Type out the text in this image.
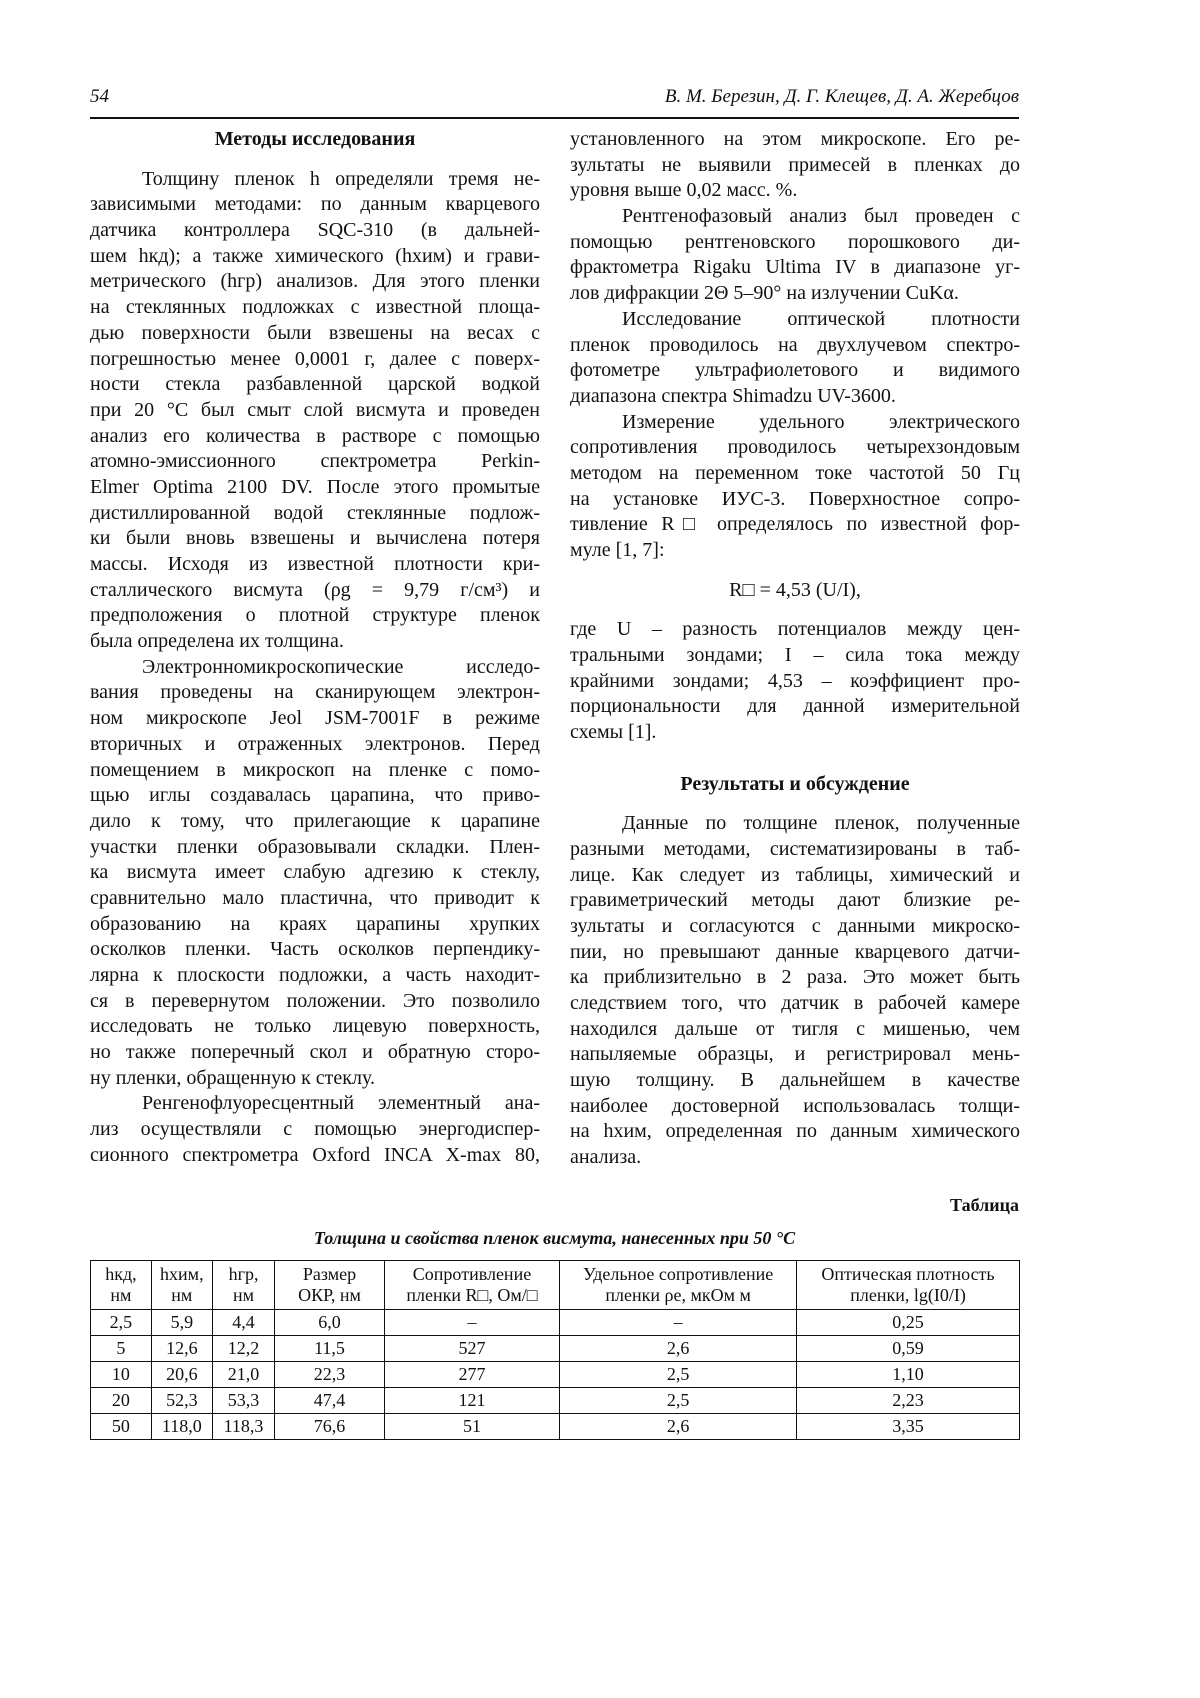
54	В. М. Березин, Д. Г. Клещев, Д. А. Жеребцов
Методы исследования
Толщину пленок h определяли тремя не-
зависимыми методами: по данным кварцевого
датчика контроллера SQC-310 (в дальней-
шем hкд); а также химического (hхим) и грави-
метрического (hгр) анализов. Для этого пленки
на стеклянных подложках с известной площа-
дью поверхности были взвешены на весах с
погрешностью менее 0,0001 г, далее с поверх-
ности стекла разбавленной царской водкой
при 20 °С был смыт слой висмута и проведен
анализ его количества в растворе с помощью
атомно-эмиссионного спектрометра Perkin-
Elmer Optima 2100 DV. После этого промытые
дистиллированной водой стеклянные подлож-
ки были вновь взвешены и вычислена потеря
массы. Исходя из известной плотности кри-
сталлического висмута (ρg = 9,79 г/см³) и
предположения о плотной структуре пленок
была определена их толщина.
Электронномикроскопические исследо-
вания проведены на сканирующем электрон-
ном микроскопе Jeol JSM-7001F в режиме
вторичных и отраженных электронов. Перед
помещением в микроскоп на пленке с помо-
щью иглы создавалась царапина, что приво-
дило к тому, что прилегающие к царапине
участки пленки образовывали складки. Плен-
ка висмута имеет слабую адгезию к стеклу,
сравнительно мало пластична, что приводит к
образованию на краях царапины хрупких
осколков пленки. Часть осколков перпендику-
лярна к плоскости подложки, а часть находит-
ся в перевернутом положении. Это позволило
исследовать не только лицевую поверхность,
но также поперечный скол и обратную сторо-
ну пленки, обращенную к стеклу.
Ренгенофлуоресцентный элементный ана-
лиз осуществляли с помощью энергодиспер-
сионного спектрометра Oxford INCA X-max 80,
установленного на этом микроскопе. Его ре-
зультаты не выявили примесей в пленках до
уровня выше 0,02 масс. %.
Рентгенофазовый анализ был проведен с
помощью рентгеновского порошкового ди-
фрактометра Rigaku Ultima IV в диапазоне уг-
лов дифракции 2Θ 5–90° на излучении CuKα.
Исследование оптической плотности
пленок проводилось на двухлучевом спектро-
фотометре ультрафиолетового и видимого
диапазона спектра Shimadzu UV-3600.
Измерение удельного электрического
сопротивления проводилось четырехзондовым
методом на переменном токе частотой 50 Гц
на установке ИУС-3. Поверхностное сопро-
тивление R□ определялось по известной фор-
муле [1, 7]:
R□ = 4,53 (U/I),
где U – разность потенциалов между цен-
тральными зондами; I – сила тока между
крайними зондами; 4,53 – коэффициент про-
порциональности для данной измерительной
схемы [1].
Результаты и обсуждение
Данные по толщине пленок, полученные
разными методами, систематизированы в таб-
лице. Как следует из таблицы, химический и
гравиметрический методы дают близкие ре-
зультаты и согласуются с данными микроско-
пии, но превышают данные кварцевого датчи-
ка приблизительно в 2 раза. Это может быть
следствием того, что датчик в рабочей камере
находился дальше от тигля с мишенью, чем
напыляемые образцы, и регистрировал мень-
шую толщину. В дальнейшем в качестве
наиболее достоверной использовалась толщи-
на hхим, определенная по данным химического
анализа.
Таблица
Толщина и свойства пленок висмута, нанесенных при 50 °С
hкд,
нм	hхим,
нм	hгр,
нм	Размер
ОКР, нм	Сопротивление
пленки R□, Ом/□	Удельное сопротивление
пленки ρe, мкОм м	Оптическая плотность
пленки, lg(I0/I)
2,5	5,9	4,4	6,0	–	–	0,25
5	12,6	12,2	11,5	527	2,6	0,59
10	20,6	21,0	22,3	277	2,5	1,10
20	52,3	53,3	47,4	121	2,5	2,23
50	118,0	118,3	76,6	51	2,6	3,35
